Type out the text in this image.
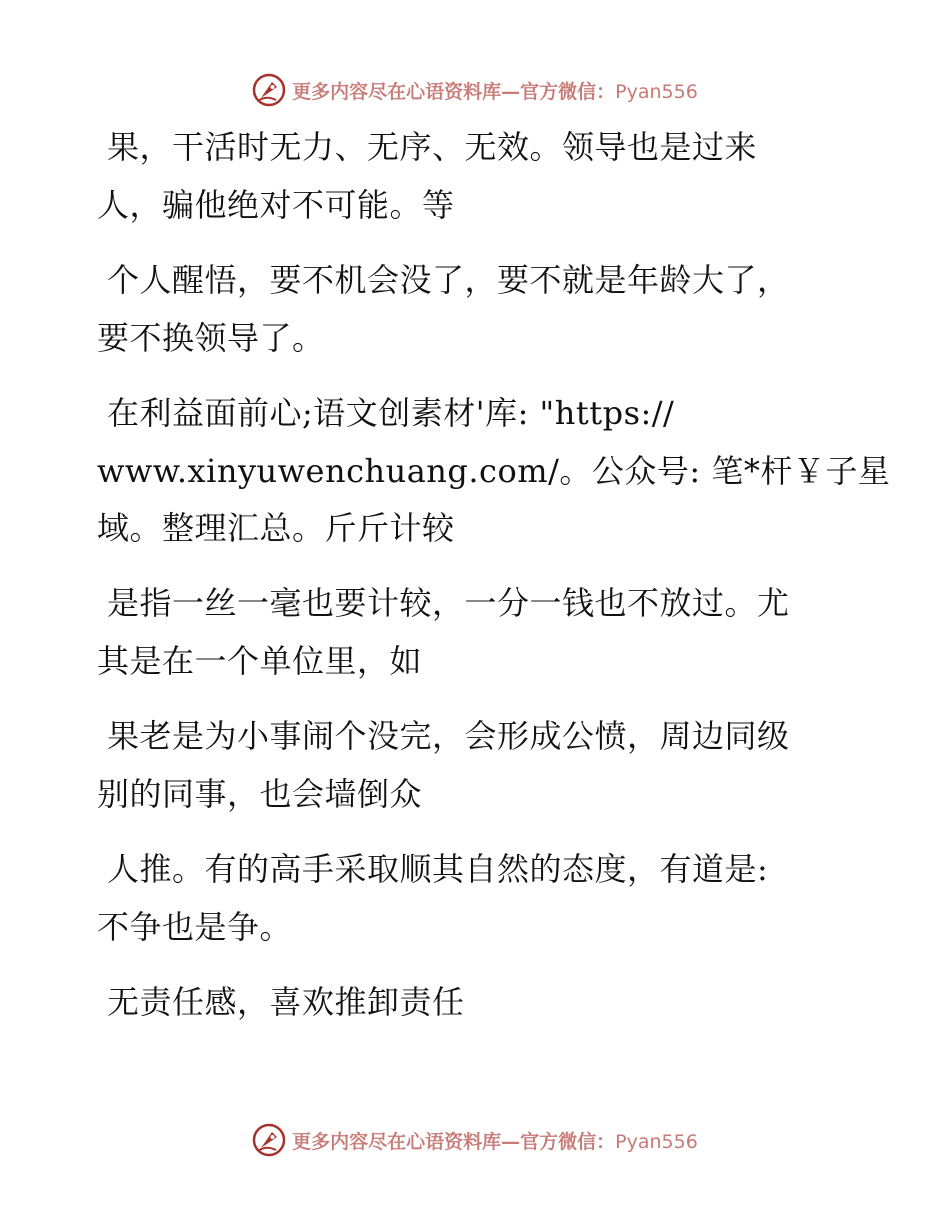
更多内容尽在心语资料库—官方微信：Pyan556
果，干活时无力、无序、无效。领导也是过来
人，骗他绝对不可能。等
个人醒悟，要不机会没了，要不就是年龄大了，
要不换领导了。
在利益面前心;语文创素材'库: "https://
www.xinyuwenchuang.com/。公众号: 笔*杆￥子星
域。整理汇总。斤斤计较
是指一丝一毫也要计较，一分一钱也不放过。尤
其是在一个单位里，如
果老是为小事闹个没完，会形成公愤，周边同级
别的同事，也会墙倒众
人推。有的高手采取顺其自然的态度，有道是:
不争也是争。
无责任感，喜欢推卸责任
更多内容尽在心语资料库—官方微信：Pyan556
